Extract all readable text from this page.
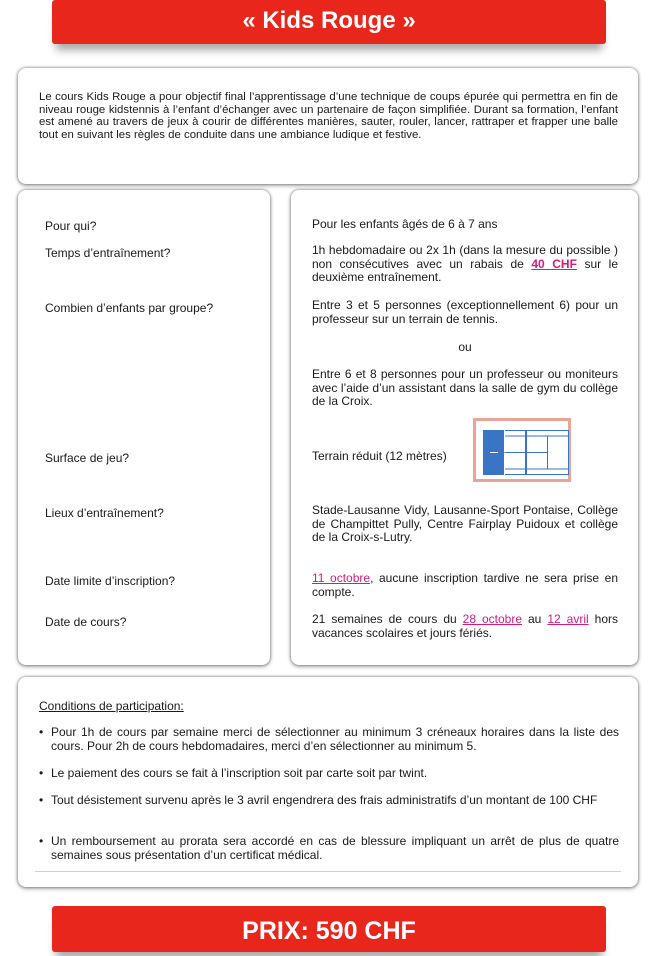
« Kids Rouge »

Le cours Kids Rouge a pour objectif final l’apprentissage d’une technique de coups épurée qui permettra en fin de niveau rouge kidstennis à l’enfant d’échanger avec un partenaire de façon simplifiée. Durant sa formation, l’enfant est amené au travers de jeux à courir de différentes manières, sauter, rouler, lancer, rattraper et frapper une balle tout en suivant les règles de conduite dans une ambiance ludique et festive.

Pour qui?
Temps d’entraînement?
Combien d’enfants par groupe?
Surface de jeu?
Lieux d’entraînement?
Date limite d’inscription?
Date de cours?
Pour les enfants âgés de 6 à 7 ans
1h hebdomadaire ou 2x 1h (dans la mesure du possible ) non consécutives avec un rabais de 40 CHF sur le deuxième entraînement.
Entre 3 et 5 personnes (exceptionnellement 6) pour un professeur sur un terrain de tennis.
ou
Entre 6 et 8 personnes pour un professeur ou moniteurs avec l’aide d’un assistant dans la salle de gym du collège de la Croix.
Terrain réduit (12 mètres)
Stade-Lausanne Vidy, Lausanne-Sport Pontaise, Collège de Champittet Pully, Centre Fairplay Puidoux et collège de la Croix-s-Lutry.
11 octobre, aucune inscription tardive ne sera prise en compte.
21 semaines de cours du 28 octobre au 12 avril hors vacances scolaires et jours fériés.
Conditions de participation:
• Pour 1h de cours par semaine merci de sélectionner au minimum 3 créneaux horaires dans la liste des cours. Pour 2h de cours hebdomadaires, merci d’en sélectionner au minimum 5.
• Le paiement des cours se fait à l’inscription soit par carte soit par twint.
• Tout désistement survenu après le 3 avril engendrera des frais administratifs d’un montant de 100 CHF
• Un remboursement au prorata sera accordé en cas de blessure impliquant un arrêt de plus de quatre semaines sous présentation d’un certificat médical.
PRIX: 590 CHF
